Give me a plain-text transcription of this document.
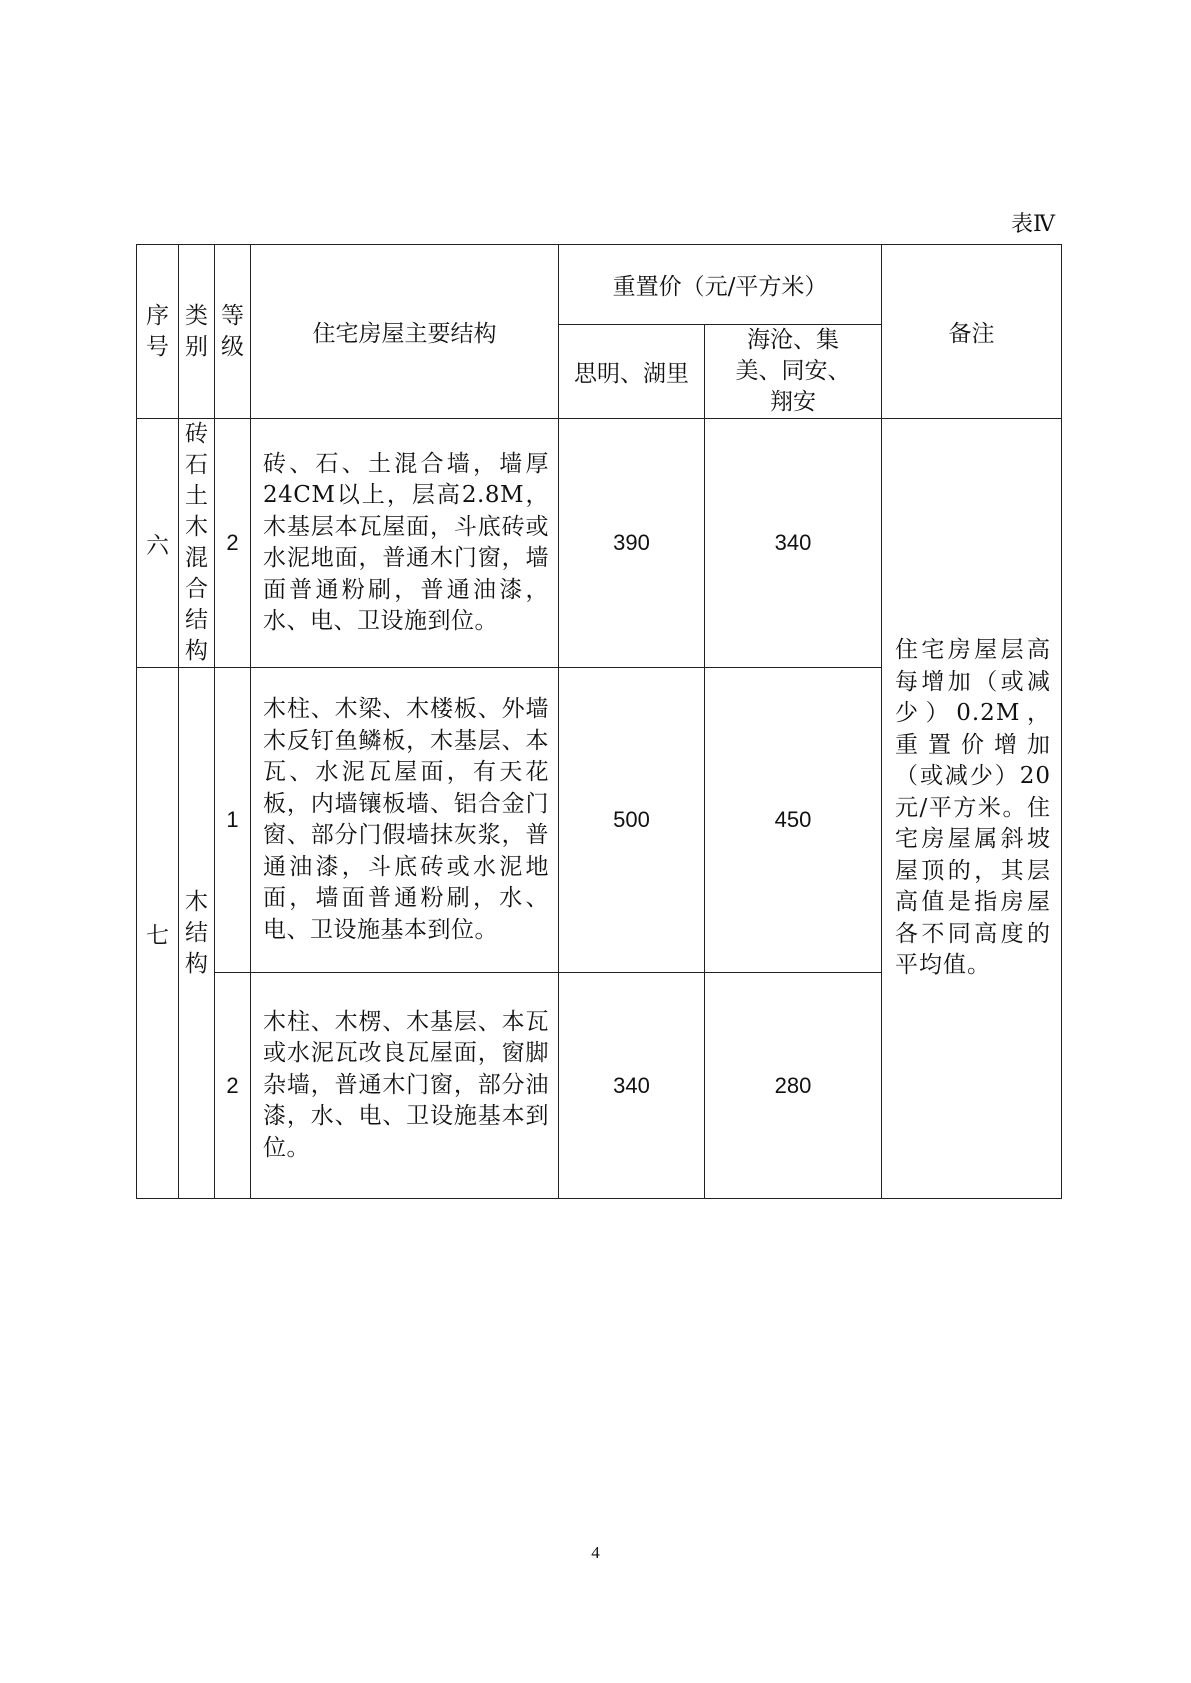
表Ⅳ
序号	类别	等级	住宅房屋主要结构	重置价（元/平方米）		备注
				思明、湖里	海沧、集美、同安、翔安	

六	砖石土木混合结构	2	砖、石、土混合墙，墙厚24CM以上，层高2.8M，木基层本瓦屋面，斗底砖或水泥地面，普通木门窗，墙面普通粉刷，普通油漆，水、电、卫设施到位。	390	340	住宅房屋层高每增加（或减少）0.2M，重置价增加（或减少）20元/平方米。住宅房屋属斜坡屋顶的，其层高值是指房屋各不同高度的平均值。

七	木结构	1	木柱、木梁、木楼板、外墙木反钉鱼鳞板，木基层、本瓦、水泥瓦屋面，有天花板，内墙镶板墙、铝合金门窗、部分门假墙抹灰浆，普通油漆，斗底砖或水泥地面，墙面普通粉刷，水、电、卫设施基本到位。	500	450	
		2	木柱、木楞、木基层、本瓦或水泥瓦改良瓦屋面，窗脚杂墙，普通木门窗，部分油漆，水、电、卫设施基本到位。	340	280	
4
